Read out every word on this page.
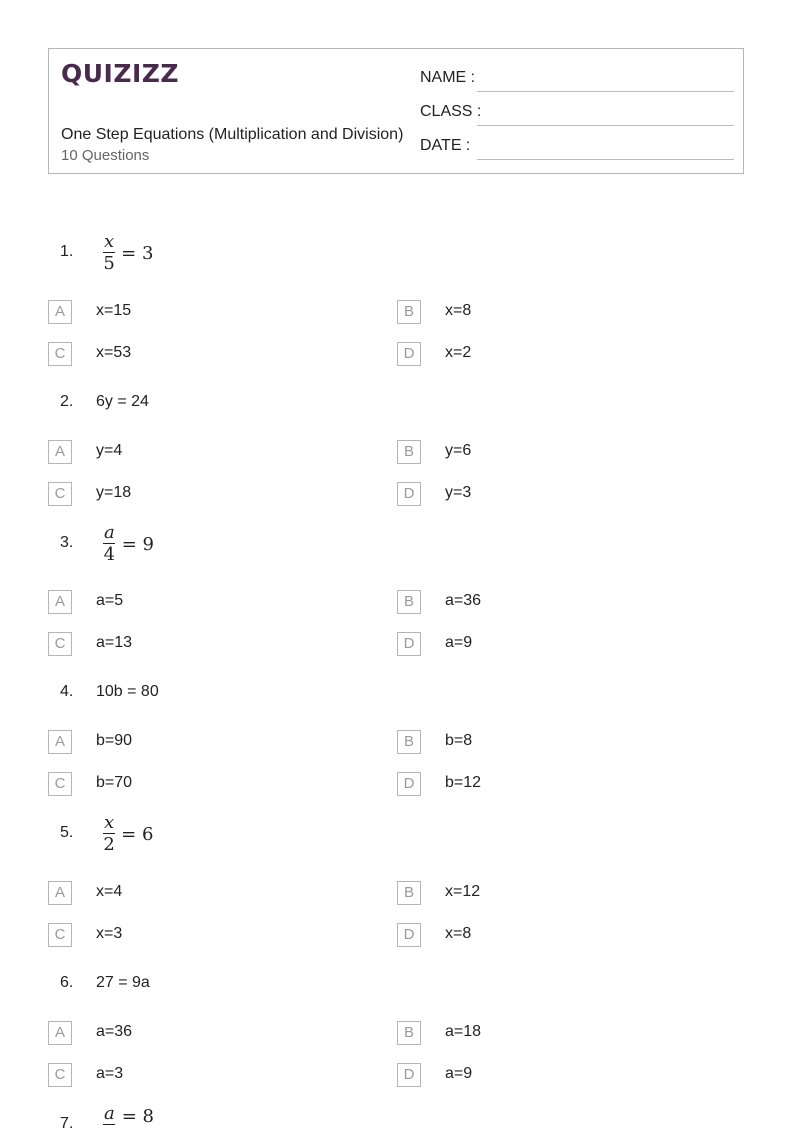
QUIZIZZ
One Step Equations (Multiplication and Division)
10 Questions
NAME :
CLASS :
DATE :
1. $\frac{x}{5} = 3$
A	x=15	B	x=8
C	x=53	D	x=2
2. 6y = 24
A	y=4	B	y=6
C	y=18	D	y=3
3. $\frac{a}{4} = 9$
A	a=5	B	a=36
C	a=13	D	a=9
4. 10b = 80
A	b=90	B	b=8
C	b=70	D	b=12
5. $\frac{x}{2} = 6$
A	x=4	B	x=12
C	x=3	D	x=8
6. 27 = 9a
A	a=36	B	a=18
C	a=3	D	a=9
7. a = 8
